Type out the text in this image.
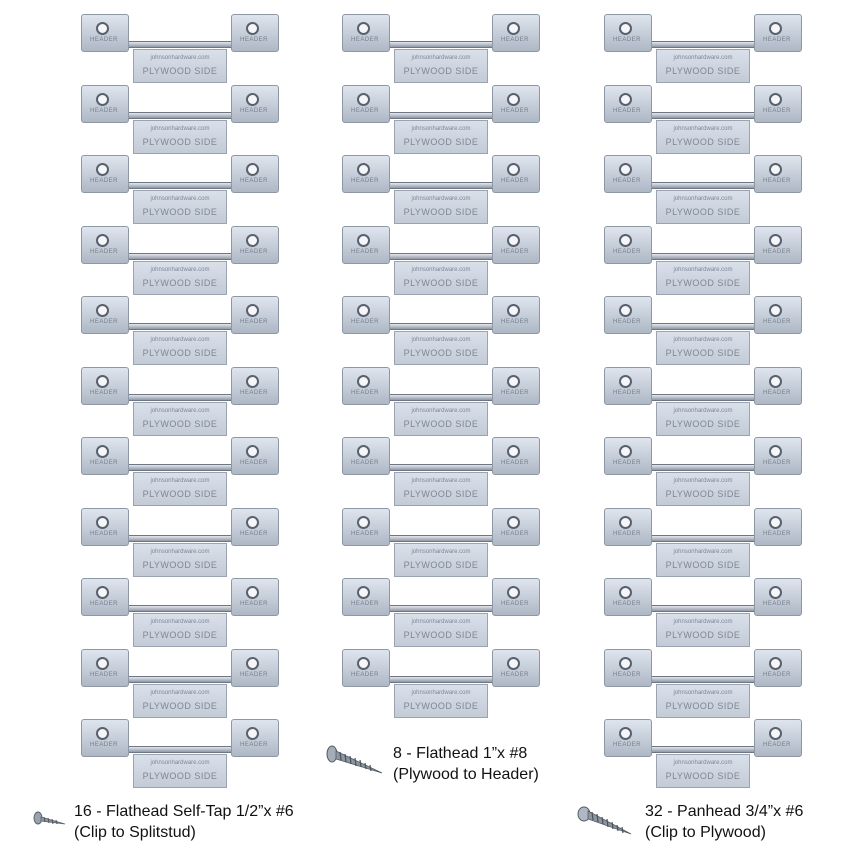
HEADER	HEADER
johnsonhardware.com
PLYWOOD SIDE
HEADER	HEADER
johnsonhardware.com
PLYWOOD SIDE
HEADER	HEADER
johnsonhardware.com
PLYWOOD SIDE
HEADER	HEADER
johnsonhardware.com
PLYWOOD SIDE
HEADER	HEADER
johnsonhardware.com
PLYWOOD SIDE
HEADER	HEADER
johnsonhardware.com
PLYWOOD SIDE
HEADER	HEADER
johnsonhardware.com
PLYWOOD SIDE
HEADER	HEADER
johnsonhardware.com
PLYWOOD SIDE
HEADER	HEADER
johnsonhardware.com
PLYWOOD SIDE
HEADER	HEADER
johnsonhardware.com
PLYWOOD SIDE
HEADER	HEADER
johnsonhardware.com
PLYWOOD SIDE
HEADER	HEADER
johnsonhardware.com
PLYWOOD SIDE
HEADER	HEADER
johnsonhardware.com
PLYWOOD SIDE
HEADER	HEADER
johnsonhardware.com
PLYWOOD SIDE
HEADER	HEADER
johnsonhardware.com
PLYWOOD SIDE
HEADER	HEADER
johnsonhardware.com
PLYWOOD SIDE
HEADER	HEADER
johnsonhardware.com
PLYWOOD SIDE
HEADER	HEADER
johnsonhardware.com
PLYWOOD SIDE
HEADER	HEADER
johnsonhardware.com
PLYWOOD SIDE
HEADER	HEADER
johnsonhardware.com
PLYWOOD SIDE
HEADER	HEADER
johnsonhardware.com
PLYWOOD SIDE
HEADER	HEADER
johnsonhardware.com
PLYWOOD SIDE
HEADER	HEADER
johnsonhardware.com
PLYWOOD SIDE
HEADER	HEADER
johnsonhardware.com
PLYWOOD SIDE
HEADER	HEADER
johnsonhardware.com
PLYWOOD SIDE
HEADER	HEADER
johnsonhardware.com
PLYWOOD SIDE
HEADER	HEADER
johnsonhardware.com
PLYWOOD SIDE
HEADER	HEADER
johnsonhardware.com
PLYWOOD SIDE
HEADER	HEADER
johnsonhardware.com
PLYWOOD SIDE
HEADER	HEADER
johnsonhardware.com
PLYWOOD SIDE
HEADER	HEADER
johnsonhardware.com
PLYWOOD SIDE
HEADER	HEADER
johnsonhardware.com
PLYWOOD SIDE
16 - Flathead Self-Tap 1/2”x #6
(Clip to Splitstud)
8 - Flathead 1”x #8
(Plywood to Header)
32 - Panhead 3/4”x #6
(Clip to Plywood)
